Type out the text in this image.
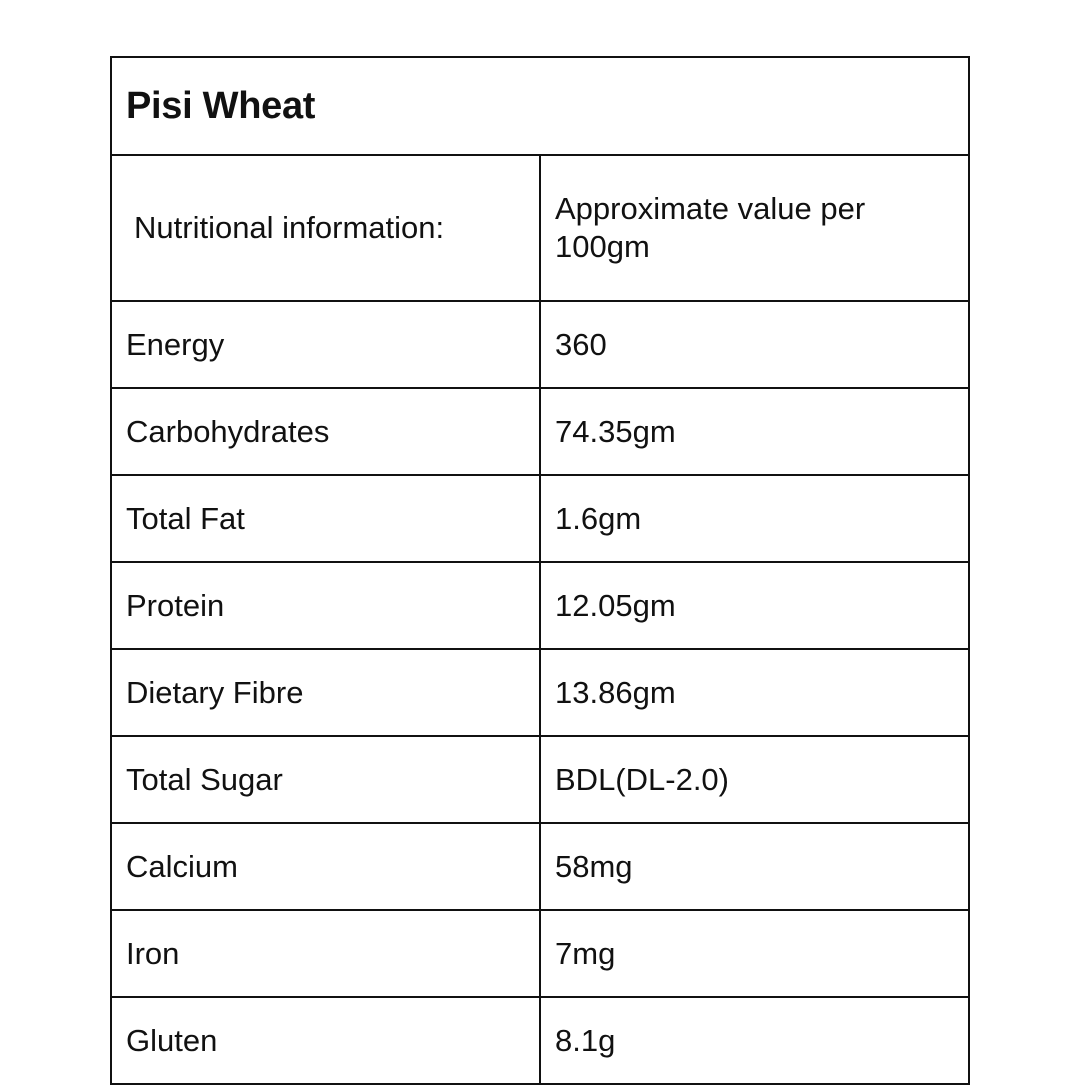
Pisi Wheat	
Nutritional information:	Approximate value per 100gm
Energy	360
Carbohydrates	74.35gm
Total Fat	1.6gm
Protein	12.05gm
Dietary Fibre	13.86gm
Total Sugar	BDL(DL-2.0)
Calcium	58mg
Iron	7mg
Gluten	8.1g
